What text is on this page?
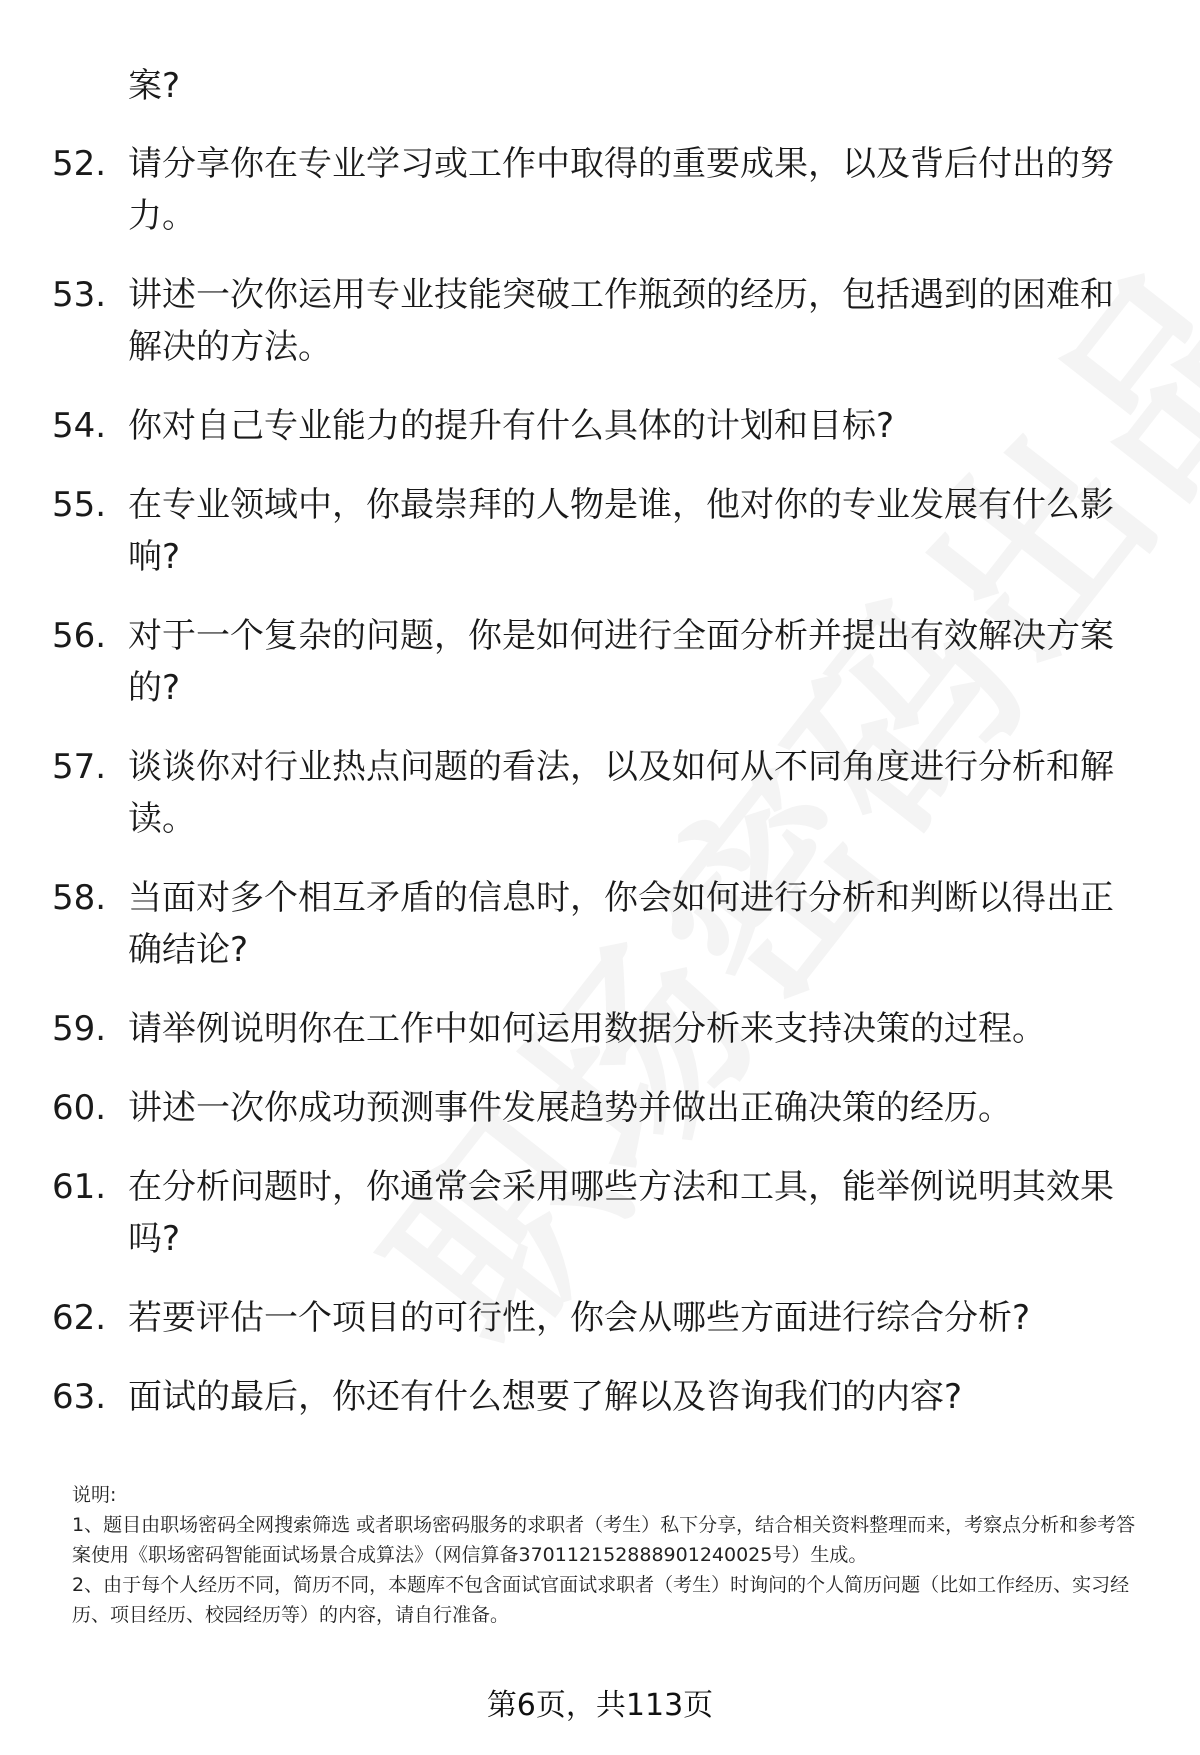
案?
52. 请分享你在专业学习或工作中取得的重要成果，以及背后付出的努力。
53. 讲述一次你运用专业技能突破工作瓶颈的经历，包括遇到的困难和解决的方法。
54. 你对自己专业能力的提升有什么具体的计划和目标?
55. 在专业领域中，你最崇拜的人物是谁，他对你的专业发展有什么影响?
56. 对于一个复杂的问题，你是如何进行全面分析并提出有效解决方案的?
57. 谈谈你对行业热点问题的看法，以及如何从不同角度进行分析和解读。
58. 当面对多个相互矛盾的信息时，你会如何进行分析和判断以得出正确结论?
59. 请举例说明你在工作中如何运用数据分析来支持决策的过程。
60. 讲述一次你成功预测事件发展趋势并做出正确决策的经历。
61. 在分析问题时，你通常会采用哪些方法和工具，能举例说明其效果吗?
62. 若要评估一个项目的可行性，你会从哪些方面进行综合分析?
63. 面试的最后，你还有什么想要了解以及咨询我们的内容?
说明:
1、题目由职场密码全网搜索筛选 或者职场密码服务的求职者（考生）私下分享，结合相关资料整理而来，考察点分析和参考答案使用《职场密码智能面试场景合成算法》（网信算备370112152888901240025号）生成。
2、由于每个人经历不同，简历不同，本题库不包含面试官面试求职者（考生）时询问的个人简历问题（比如工作经历、实习经历、项目经历、校园经历等）的内容，请自行准备。
第6页，共113页
